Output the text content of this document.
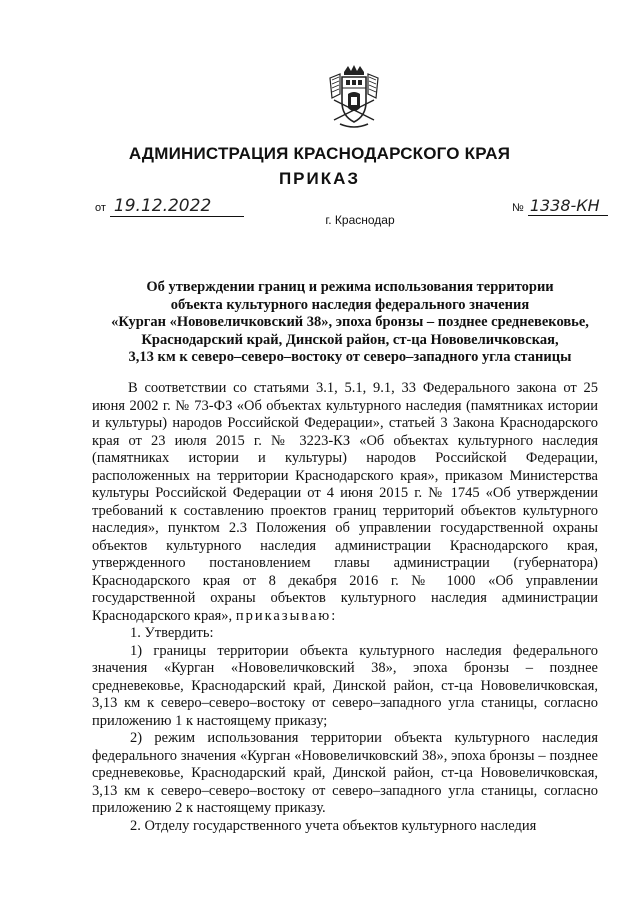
АДМИНИСТРАЦИЯ КРАСНОДАРСКОГО КРАЯ
ПРИКАЗ
от 19.12.2022	№ 1338-КН
г. Краснодар
Об утверждении границ и режима использования территории
объекта культурного наследия федерального значения
«Курган «Нововеличковский 38», эпоха бронзы – позднее средневековье,
Краснодарский край, Динской район, ст-ца Нововеличковская,
3,13 км к северо–северо–востоку от северо–западного угла станицы

В соответствии со статьями 3.1, 5.1, 9.1, 33 Федерального закона от 25 июня 2002 г. № 73-ФЗ «Об объектах культурного наследия (памятниках истории и культуры) народов Российской Федерации», статьей 3 Закона Краснодарского края от 23 июля 2015 г. № 3223-КЗ «Об объектах культурного наследия (памятниках истории и культуры) народов Российской Федерации, расположенных на территории Краснодарского края», приказом Министерства культуры Российской Федерации от 4 июня 2015 г. № 1745 «Об утверждении требований к составлению проектов границ территорий объектов культурного наследия», пунктом 2.3 Положения об управлении государственной охраны объектов культурного наследия администрации Краснодарского края, утвержденного постановлением главы администрации (губернатора) Краснодарского края от 8 декабря 2016 г. № 1000 «Об управлении государственной охраны объектов культурного наследия администрации Краснодарского края», приказываю:

1. Утвердить:

1) границы территории объекта культурного наследия федерального значения «Курган «Нововеличковский 38», эпоха бронзы – позднее средневековье, Краснодарский край, Динской район, ст-ца Нововеличковская, 3,13 км к северо–северо–востоку от северо–западного угла станицы, согласно приложению 1 к настоящему приказу;

2) режим использования территории объекта культурного наследия федерального значения «Курган «Нововеличковский 38», эпоха бронзы – позднее средневековье, Краснодарский край, Динской район, ст-ца Нововеличковская, 3,13 км к северо–северо–востоку от северо–западного угла станицы, согласно приложению 2 к настоящему приказу.

2. Отделу государственного учета объектов культурного наследия
